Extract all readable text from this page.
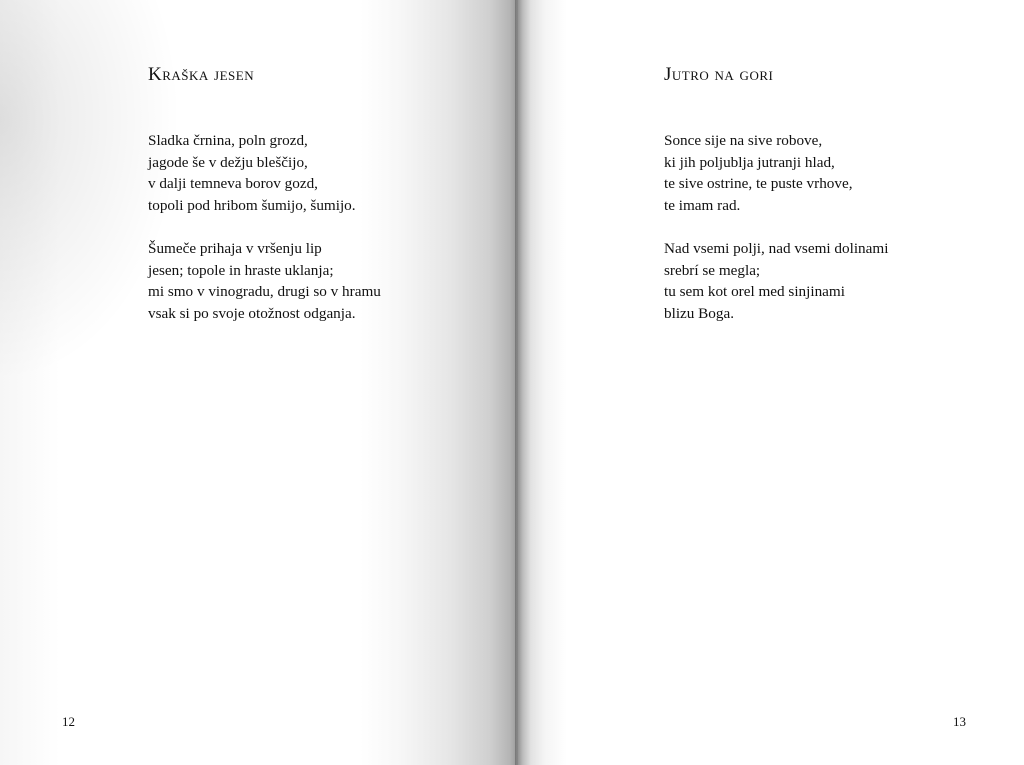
Kraška jesen

Sladka črnina, poln grozd,
jagode še v dežju bleščijo,
v dalji temneva borov gozd,
topoli pod hribom šumijo, šumijo.

Šumeče prihaja v vršenju lip
jesen; topole in hraste uklanja;
mi smo v vinogradu, drugi so v hramu
vsak si po svoje otožnost odganja.

12
Jutro na gori

Sonce sije na sive robove,
ki jih poljublja jutranji hlad,
te sive ostrine, te puste vrhove,
te imam rad.

Nad vsemi polji, nad vsemi dolinami
srebrí se megla;
tu sem kot orel med sinjinami
blizu Boga.

13
